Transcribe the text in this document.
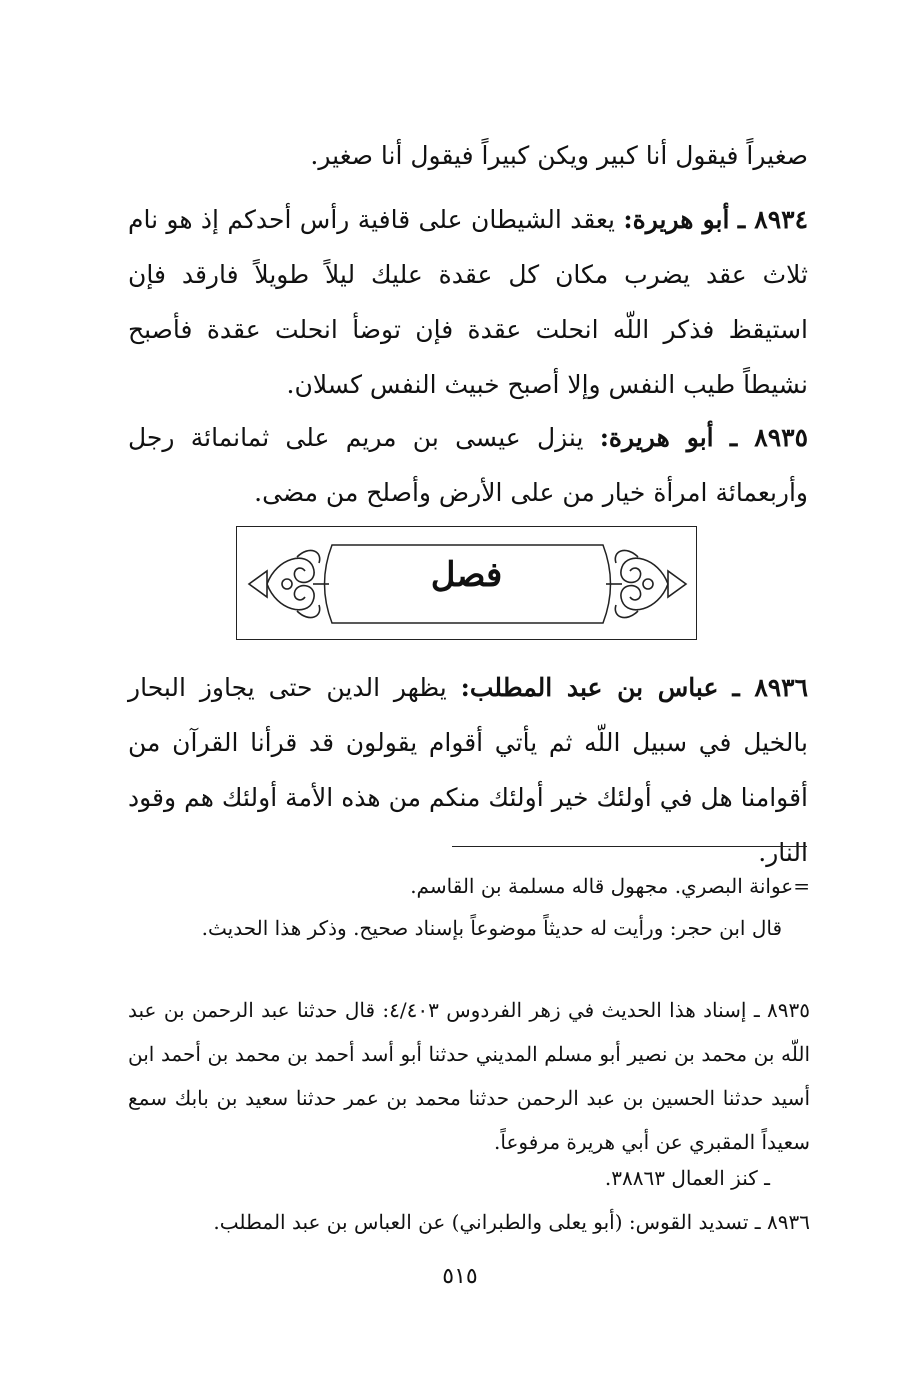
صغيراً فيقول أنا كبير ويكن كبيراً فيقول أنا صغير.

٨٩٣٤ ـ أبو هريرة: يعقد الشيطان على قافية رأس أحدكم إذ هو نام ثلاث عقد يضرب مكان كل عقدة عليك ليلاً طويلاً فارقد فإن استيقظ فذكر اللّه انحلت عقدة فإن توضأ انحلت عقدة فأصبح نشيطاً طيب النفس وإلا أصبح خبيث النفس كسلان.

٨٩٣٥ ـ أبو هريرة: ينزل عيسى بن مريم على ثمانمائة رجل وأربعمائة امرأة خيار من على الأرض وأصلح من مضى.

فصل

٨٩٣٦ ـ عباس بن عبد المطلب: يظهر الدين حتى يجاوز البحار بالخيل في سبيل اللّه ثم يأتي أقوام يقولون قد قرأنا القرآن من أقوامنا هل في أولئك خير أولئك منكم من هذه الأمة أولئك هم وقود النار.

=عوانة البصري. مجهول قاله مسلمة بن القاسم.

قال ابن حجر: ورأيت له حديثاً موضوعاً بإسناد صحيح. وذكر هذا الحديث.

٨٩٣٥ ـ إسناد هذا الحديث في زهر الفردوس ٤/٤٠٣: قال حدثنا عبد الرحمن بن عبد اللّه بن محمد بن نصير أبو مسلم المديني حدثنا أبو أسد أحمد بن محمد بن أحمد ابن أسيد حدثنا الحسين بن عبد الرحمن حدثنا محمد بن عمر حدثنا سعيد بن بابك سمع سعيداً المقبري عن أبي هريرة مرفوعاً.

ـ كنز العمال ٣٨٨٦٣.

٨٩٣٦ ـ تسديد القوس: (أبو يعلى والطبراني) عن العباس بن عبد المطلب.

٥١٥
